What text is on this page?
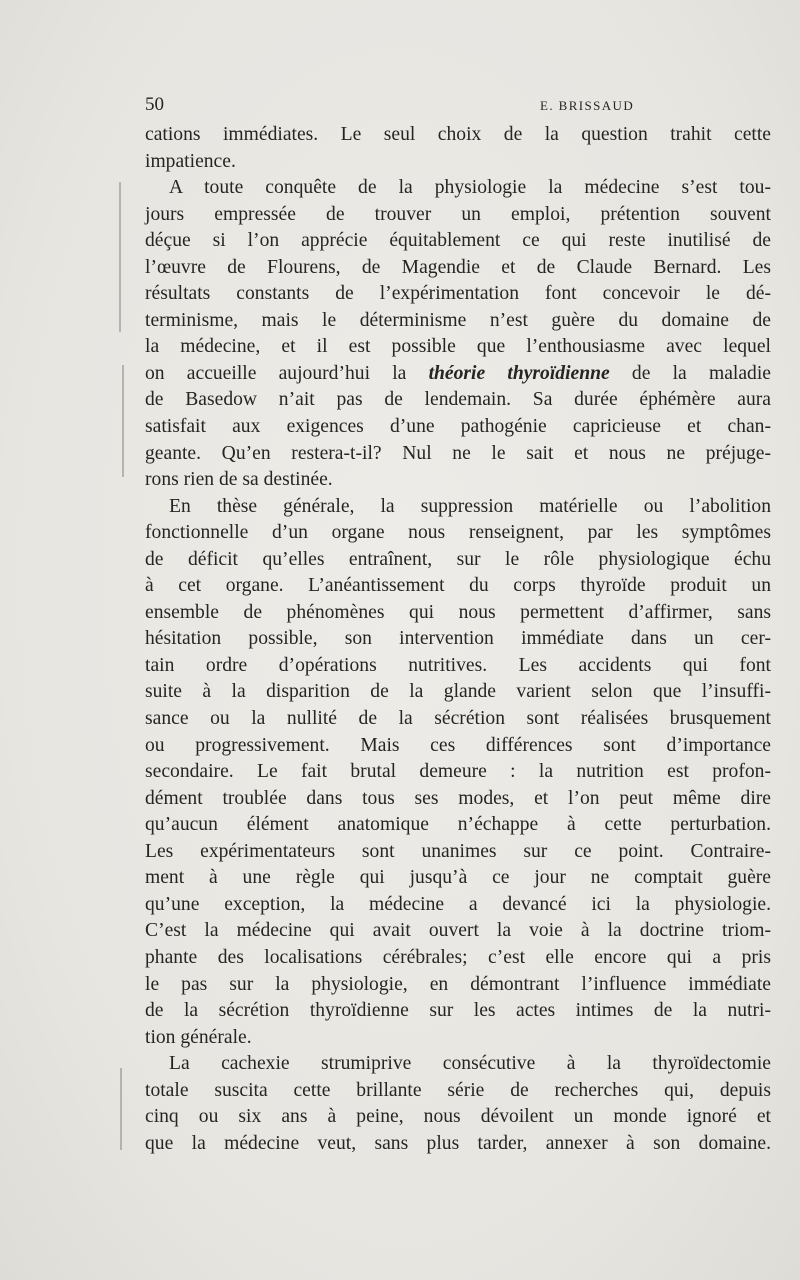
50	E. BRISSAUD
cations immédiates. Le seul choix de la question trahit cette
impatience.
A toute conquête de la physiologie la médecine s’est tou-
jours empressée de trouver un emploi, prétention souvent
déçue si l’on apprécie équitablement ce qui reste inutilisé de
l’œuvre de Flourens, de Magendie et de Claude Bernard. Les
résultats constants de l’expérimentation font concevoir le dé-
terminisme, mais le déterminisme n’est guère du domaine de
la médecine, et il est possible que l’enthousiasme avec lequel
on accueille aujourd’hui la théorie thyroïdienne de la maladie
de Basedow n’ait pas de lendemain. Sa durée éphémère aura
satisfait aux exigences d’une pathogénie capricieuse et chan-
geante. Qu’en restera-t-il? Nul ne le sait et nous ne préjuge-
rons rien de sa destinée.
En thèse générale, la suppression matérielle ou l’abolition
fonctionnelle d’un organe nous renseignent, par les symptômes
de déficit qu’elles entraînent, sur le rôle physiologique échu
à cet organe. L’anéantissement du corps thyroïde produit un
ensemble de phénomènes qui nous permettent d’affirmer, sans
hésitation possible, son intervention immédiate dans un cer-
tain ordre d’opérations nutritives. Les accidents qui font
suite à la disparition de la glande varient selon que l’insuffi-
sance ou la nullité de la sécrétion sont réalisées brusquement
ou progressivement. Mais ces différences sont d’importance
secondaire. Le fait brutal demeure : la nutrition est profon-
dément troublée dans tous ses modes, et l’on peut même dire
qu’aucun élément anatomique n’échappe à cette perturbation.
Les expérimentateurs sont unanimes sur ce point. Contraire-
ment à une règle qui jusqu’à ce jour ne comptait guère
qu’une exception, la médecine a devancé ici la physiologie.
C’est la médecine qui avait ouvert la voie à la doctrine triom-
phante des localisations cérébrales; c’est elle encore qui a pris
le pas sur la physiologie, en démontrant l’influence immédiate
de la sécrétion thyroïdienne sur les actes intimes de la nutri-
tion générale.
La cachexie strumiprive consécutive à la thyroïdectomie
totale suscita cette brillante série de recherches qui, depuis
cinq ou six ans à peine, nous dévoilent un monde ignoré et
que la médecine veut, sans plus tarder, annexer à son domaine.
